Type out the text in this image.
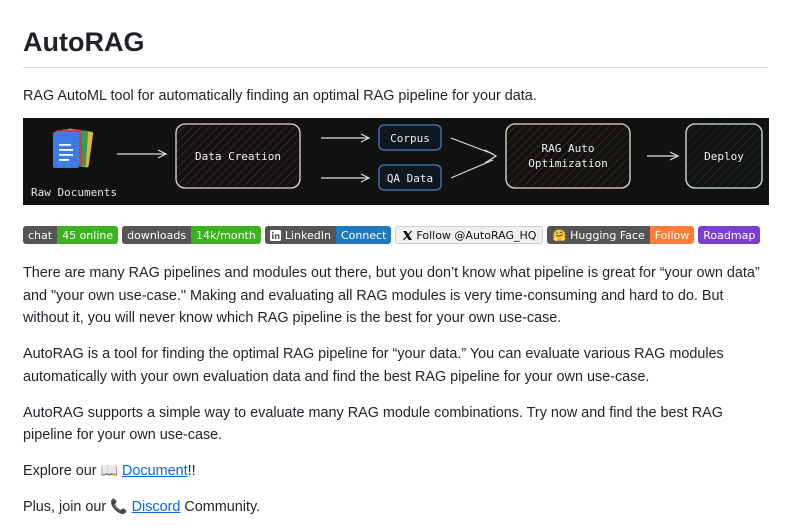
AutoRAG

RAG AutoML tool for automatically finding an optimal RAG pipeline for your data.

Raw Documents
Data Creation
Corpus
QA Data
RAG Auto
Optimization
Deploy
chat 45 online	downloads 14k/month	LinkedIn Connect	Follow @AutoRAG_HQ 🤗 Hugging Face Follow	Roadmap

There are many RAG pipelines and modules out there, but you don’t know what pipeline is great for “your own data” and "your own use-case." Making and evaluating all RAG modules is very time-consuming and hard to do. But without it, you will never know which RAG pipeline is the best for your own use-case.

AutoRAG is a tool for finding the optimal RAG pipeline for “your data.” You can evaluate various RAG modules automatically with your own evaluation data and find the best RAG pipeline for your own use-case.

AutoRAG supports a simple way to evaluate many RAG module combinations. Try now and find the best RAG pipeline for your own use-case.

Explore our 📖 Document!!

Plus, join our 📞 Discord Community.
